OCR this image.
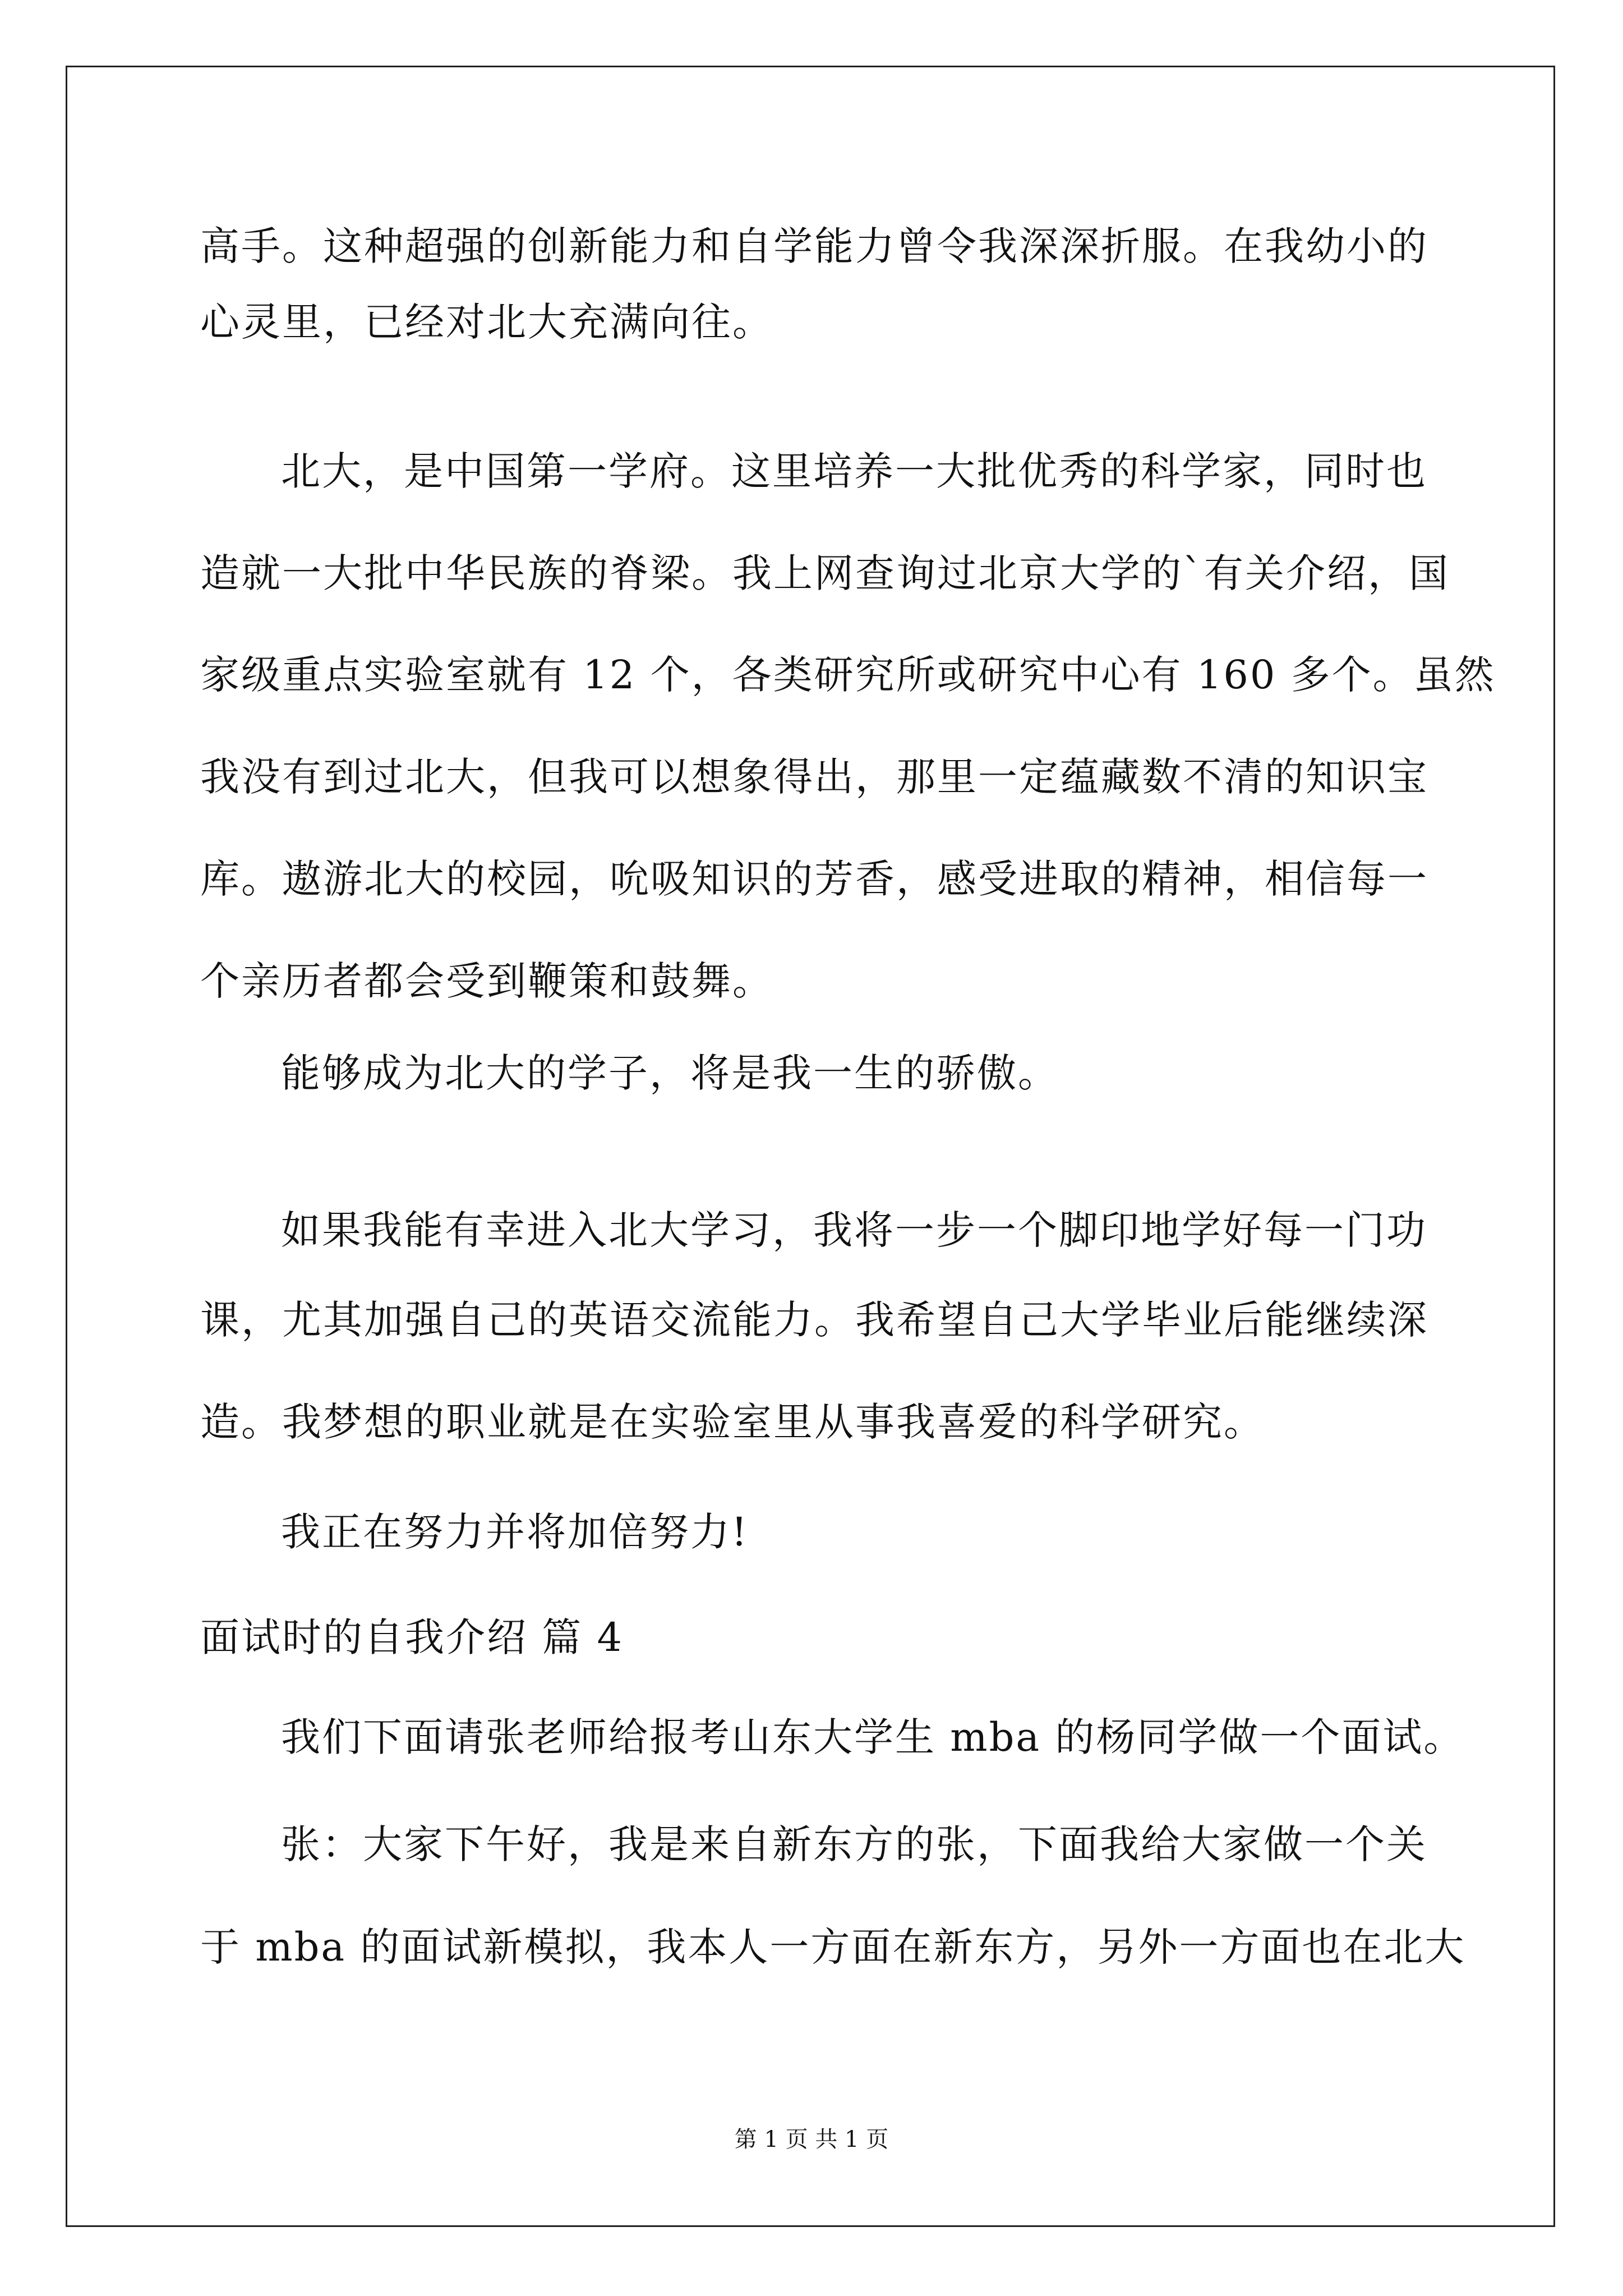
高手。这种超强的创新能力和自学能力曾令我深深折服。在我幼小的
心灵里，已经对北大充满向往。
北大，是中国第一学府。这里培养一大批优秀的科学家，同时也
造就一大批中华民族的脊梁。我上网查询过北京大学的`有关介绍，国
家级重点实验室就有 12 个，各类研究所或研究中心有 160 多个。虽然
我没有到过北大，但我可以想象得出，那里一定蕴藏数不清的知识宝
库。遨游北大的校园，吮吸知识的芳香，感受进取的精神，相信每一
个亲历者都会受到鞭策和鼓舞。
能够成为北大的学子，将是我一生的骄傲。
如果我能有幸进入北大学习，我将一步一个脚印地学好每一门功
课，尤其加强自己的英语交流能力。我希望自己大学毕业后能继续深
造。我梦想的职业就是在实验室里从事我喜爱的科学研究。
我正在努力并将加倍努力!
面试时的自我介绍 篇 4
我们下面请张老师给报考山东大学生 mba 的杨同学做一个面试。
张：大家下午好，我是来自新东方的张，下面我给大家做一个关
于 mba 的面试新模拟，我本人一方面在新东方，另外一方面也在北大
第 1 页 共 1 页
